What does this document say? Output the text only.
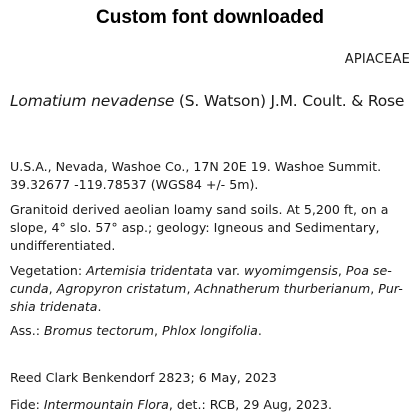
Custom font downloaded
APIACEAE
Lomatium nevadense (S. Watson) J.M. Coult. & Rose
U.S.A., Nevada, Washoe Co., 17N 20E 19. Washoe Summit.
39.32677 -119.78537 (WGS84 +/- 5m).
Granitoid derived aeolian loamy sand soils. At 5,200 ft, on a
slope, 4° slo. 57° asp.; geology: Igneous and Sedimentary,
undifferentiated.
Vegetation: Artemisia tridentata var. wyomimgensis, Poa se-
cunda, Agropyron cristatum, Achnatherum thurberianum, Pur-
shia tridenata.
Ass.: Bromus tectorum, Phlox longifolia.
Reed Clark Benkendorf 2823; 6 May, 2023
Fide: Intermountain Flora, det.: RCB, 29 Aug, 2023.
